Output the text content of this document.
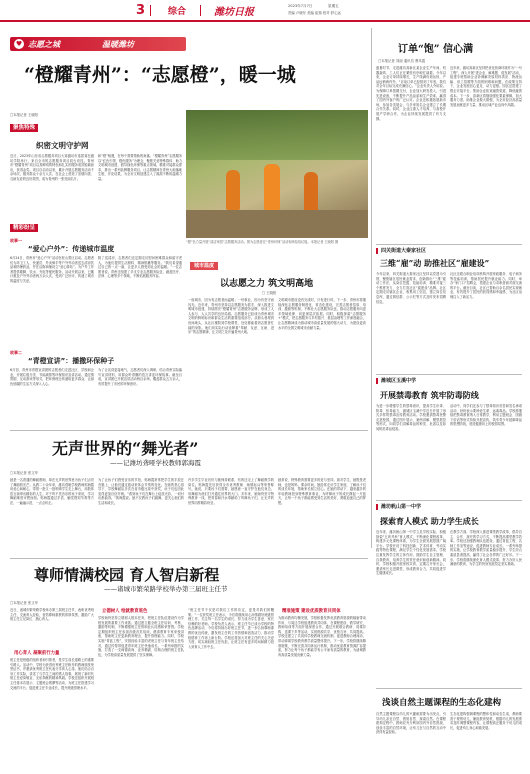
3	综合	潍坊日报
2023年7月7日	星期五
责编 卢晓东 美编 崔瑞 校对 舒心远
♥ 志愿之城	温暖潍坊
“橙耀青州”：“志愿橙”，暖一城
□本报记者 王晓阳
聚焦特殊
织密文明守护网
近日，2023年山东省志愿服务项目大赛潍坊市选拔赛在潍坊学院举行，来自全市的志愿服务项目同台竞技。青州市“橙耀青州”项目以其鲜明的特色和扎实的服务成效脱颖而出，获得金奖。项目自启动以来，累计开展志愿服务活动千余场次，服务群众十余万人次，在社会上营造了崇德向善、互助友爱的良好氛围，成为青州的一张亮丽名片。
和“橙”相遇，在每个需要帮助的角落。“橙耀青州”志愿服务以“红色引领、橙色服务”为理念，聚焦关爱特殊群体、助力文明城市创建、倡导绿色环保等重点领域，精准对接群众需求，推出一系列品牌服务项目，让志愿精神在青州大地落地生根、开花结果，为全市文明创建注入了源源不断的温暖力量。
精彩纷呈
故事一
“爱心户外”：传递城市温度
6月24日，青州市“爱心户外”活动在驼山景区启动。志愿者们为环卫工人、快递员、外卖骑手等户外劳动者送去清凉饮品和防暑药品，并在沿街商铺设立“爱心驿站”，为户外工作者提供歇脚、饮水、充电等便民服务。活动开展以来，已累计惠及户外劳动者两万余人次，受到广泛好评，传递了城市的温度与关爱。
除了送清凉，志愿者们还定期走访慰问困难群众和留守老人，为他们提供生活照料、精神慰藉等服务。“我们希望通过自己的一点一滴，让更多人感受到社会的温暖。”一位志愿者说。青州还组建了多支专业志愿服务队伍，涵盖医疗、法律、心理等多个领域，不断拓展服务内容。
故事二
“青橙宣讲”：播撒环保种子
6月初，青州市青橙宣讲团的志愿者们走进社区、学校和企业，开展垃圾分类、节能减排等环保知识宣讲活动。通过情景剧、互动游戏等形式，把环保理念传递给更多群众，让绿色低碳的生活方式深入人心。
为了让宣讲更接地气，志愿者们深入调研，结合青州实际编写宣讲材料，用群众听得懂的语言讲述环保故事。截至目前，宣讲团已开展宣讲活动两百余场，覆盖群众五万余人，有效提升了市民的环保意识。
“橙”色力量开展“清洁家园”志愿服务活动。图为志愿者在“青州环保”活动现场捡拾垃圾。本报记者 王晓阳 摄
城市温度
以志愿之力 筑文明高地
□ 王晓阳
一座城市，因为有志愿者而温暖；一份事业，因为有坚守而闪光。近年来，青州市坚持以志愿服务为抓手，深入推进文明城市创建，持续擦亮“橙耀青州”志愿服务品牌，形成了人人参与、人人共享的良好局面。志愿服务已经成为青州城市文明的鲜明标识和群众生活的重要组成部分。从街头巷尾到田间地头，从社区楼院到学校课堂，处处都能看到志愿者忙碌的身影。他们用实际行动诠释着“奉献、友爱、互助、进步”的志愿精神，让文明之花开遍青州大地。
文明城市建设没有完成时，只有进行时。下一步，青州市将继续深化志愿服务制度化、常态化建设，完善志愿者招募、培训、激励等机制，不断壮大志愿服务队伍，推动志愿服务向更多领域延伸、向更深层次拓展。同时，积极探索“志愿服务+”模式，把志愿服务与乡村振兴、基层治理等工作深度融合，让志愿精神成为推动城市高质量发展的强大动力，为建设更高水平的全国文明城市贡献力量。
订单“饱” 信心满
□本报记者 刘丽 通讯员 曹凤霞
盛夏时节，走进潍坊高新区某企业生产车间，机器轰鸣、工人们正在紧张有序地忙碌着。今年以来，企业订单持续增长，生产线满负荷运转，产品远销海内外。“目前订单已经排到了年底，我们对全年目标完成充满信心。”企业负责人介绍说。为保障订单按期交付，企业加大研发投入，引进先进设备，不断提升产品品质和生产效率，赢得了国内外客户的广泛认可。企业还积极拓展新市场，参加各类展会，与多家知名企业建立了长期合作关系。同时，企业注重人才培养，与高校开展产学研合作，为企业持续发展提供了有力支撑。
近年来，潍坊高新区坚持把优化营商环境作为“一号工程”，深入开展“进企业、解难题、促发展”活动，组建专班帮助企业协调解决原材料供应、物流运输、用工招聘等方面的困难和问题。在政策支持下，企业发展信心更足、动力更强。园区还搭建了银企对接平台，帮助企业拓宽融资渠道，降低融资成本。下一步，高新区将继续强化要素保障，加大服务力度，助推企业做大做强，为全市经济高质量发展贡献更多力量，推动区域产业迈向中高端。
四关街道大秦家社区
三维“雇”动 助推社区“雇建设”
今年以来，四关街道大秦家社区坚持以党建为引领，聚焦辖区居民就业需求，创新推出“三维”雇动工作法，从岗位挖掘、技能培训、精准对接三个维度发力，全力打造社区“雇建设”品牌。社区定期走访辖区企业，收集用工信息，建立岗位信息库，通过微信群、公示栏等方式及时发布招聘信息。
社区还联合职业培训机构开展家政服务、电子商务等技能培训，帮助居民提升就业能力。同时，举办“家门口”招聘会，搭建企业与求职者面对面交流的平台。截至目前，社区已帮助百余名居民实现就业，有效提升了居民的获得感和幸福感，为社区治理注入了新活力。
潍城区玉溪中学
开展禁毒教育 筑牢防毒防线
为进一步增强学生的禁毒意识，提高学生识毒、防毒、拒毒能力，潍城区玉溪中学近日开展了形式多样的禁毒宣传教育活动。学校邀请禁毒民警走进校园，通过图片展示、案例讲解、模型展览等形式，向同学们讲解毒品的种类、危害以及如何防范毒品侵害。
活动中，同学们还参与了禁毒知识竞答和签名承诺活动，纷纷表示要珍爱生命、远离毒品。学校将继续把禁毒教育纳入日常教学，利用主题班会、国旗下讲话等形式持续开展宣传，筑牢青少年抵御毒品的思想防线，营造健康向上的校园氛围。
潍坊帆山第一中学
探索育人模式 助力学生成长
近年来，潍坊帆山第一中学立足学校实际，积极探索“五育并举”育人模式，不断深化课程改革，构建多元化课程体系，为学生全面发展搭建广阔平台。学校开设了科技创新、艺术体育、劳动实践等特色课程，满足学生个性化发展需求。学校注重发挥学生的主体作用，鼓励学生自主管理、自我教育，培养学生的责任意识和创新精神。同时，学校积极开展家校共育，定期召开家长会，邀请家长走进课堂，形成教育合力，共同促进学生健康成长。
在教学方面，学校深入推进课堂教学改革，倡导自主、合作、探究的学习方式，不断提高课堂教学效率。学校还加强教师队伍建设，通过青蓝工程、名师工作室等途径，促进教师专业成长。一系列举措的实施，让学校教育教学质量稳步提升，学生综合素质显著提高，赢得了社会各界的广泛好评。下一步，学校将继续深化育人模式改革，努力办好人民满意的教育，为学生的终身发展奠定坚实基础。
浅谈自然主题课程的生态化建构
自然主题课程以幼儿的兴趣和需要为出发点，引导幼儿亲近自然、感知自然、探索自然。在课程建构过程中，教师应充分利用园内外自然资源，创设丰富的自然环境，让幼儿在与自然的互动中获得有益经验。
生态化建构强调课程的整体性和动态生成，教师要善于观察幼儿，捕捉教育契机，根据幼儿的发展需求及时调整课程内容，让课程真正服务于幼儿的成长，促进幼儿身心和谐发展。
无声世界的“舞光者”
——记潍坊聋哑学校教师郭海霞
□本报记者 张文华
她是一名普通的舞蹈教师，却在无声的世界里为孩子们点亮了舞蹈的光芒。从教二十余年来，潍坊聋哑学校教师郭海霞用爱心和耐心，带领一批又一批听障学生走上舞台，用肢体语言演绎出精彩的人生。对于听不见音乐的孩子来说，学习舞蹈难度可想而知。郭海霞通过手语、触觉感知节奏等方法，一遍遍示范、一点点纠正。
为了让孩子们感受音乐的节拍，郭海霞常常把学生的手放在音箱上，让他们通过振动来体会节奏的变化。在她的悉心指导下，学校舞蹈队多次在省市级比赛中获奖，孩子们也因此变得更加自信开朗。“看到孩子们在舞台上绽放光彩，一切付出都值得。”郭海霞说。她不仅教孩子们跳舞，更关心他们的生活和成长。
许多学生毕业后仍与她保持联系，有的还走上了舞蹈教学的岗位。郭海霞先后获得全市优秀教师、师德标兵等荣誉称号。她说，只要孩子们需要，她愿意一直守护在他们身边，用舞蹈为他们打开通往世界的大门。多年来，她始终坚守特殊教育一线，把青春和汗水奉献给了听障孩子们，让无声的世界同样精彩纷呈。
她常说，特殊教育需要更多的爱与坚持。面对学生，她既是老师，也是妈妈。课余时间，她经常走访学生家庭，了解孩子们的成长环境，帮助家长树立信心。在她的带动下，越来越多的年轻教师投身特殊教育事业，为听障孩子的成长撑起一片蓝天，让每一个孩子都能感受到生活的美好，勇敢追逐自己的梦想。
尊师情满校园 育人智启新程
——诸城市繁荣路学校举办第三届班主任节
□本报记者 张文华
近日，诸城市繁荣路学校举办第三届班主任节，表彰优秀班主任，交流育人经验，营造尊师重教的浓厚氛围，激励广大班主任立足岗位、潜心育人。
用心育人 凝聚前行力量
班主任是班级的组织者和引领者，是学生成长道路上的重要引路人。活动中，学校为获得优秀班主任称号的教师颁发荣誉证书，并邀请优秀班主任代表分享育人心得。他们结合自身工作实际，讲述了与学生之间的感人故事，展现了新时代班主任爱岗敬业、无私奉献的精神风貌。学校还组织开展班主任基本功展示、主题班会观摩等活动，为班主任搭建学习交流的平台，促进班主任专业成长，提升班级管理水平。
立德树人 绘就教育底色
学校始终坚持立德树人根本任务，把班主任队伍建设作为学校发展的重要工作来抓。通过建立健全班主任培训、考核、激励等机制，不断增强班主任的职业认同感和荣誉感。学校定期组织班主任参加各级各类培训，邀请教育专家来校讲座，帮助班主任更新教育理念、提升管理能力。同时，学校实施“青蓝工程”，安排经验丰富的老班主任与青年班主任结对，通过传帮带促进青年班主任快速成长。一系列举措的实施，打造了一支师德高尚、业务精湛、结构合理的班主任队伍，为学校高质量发展提供了坚实保障。
“班主任节不仅是对我们工作的肯定，更是对我们的鞭策。”一位获奖班主任表示，今后将继续用心用情做好班级管理工作，关注每一名学生的成长，努力成为学生喜爱、家长信赖的好老师。学校负责人表示，班主任节已成为学校的特色品牌活动，今后将持续办好班主任节，进一步弘扬尊师重教的优良传统，激发班主任的工作热情和创造活力，推动学校德育工作再上新台阶。学校还将加大对班主任的关心关爱力度，切实减轻班主任负担，让班主任有更多时间和精力投入到育人工作中去。
精准施策 建设优质教育共同体
为推动教育均衡发展，学校积极发挥优质教育资源的辐射带动作用，与周边学校组建教育共同体，在课程建设、教学研究、教师培训等方面开展深度合作。通过开展联合教研、同课异构、送课下乡等活动，实现资源共享、优势互补、共同提高。学校还建立了共同体学校教师交流机制，促进教师合理流动，带动薄弱学校教育教学质量整体提升。下一步，学校将继续精准施策，不断完善共同体运行机制，推动优质教育资源扩容提质，努力让每个孩子都能享有公平而有质量的教育，为诸城教育高质量发展贡献力量。
